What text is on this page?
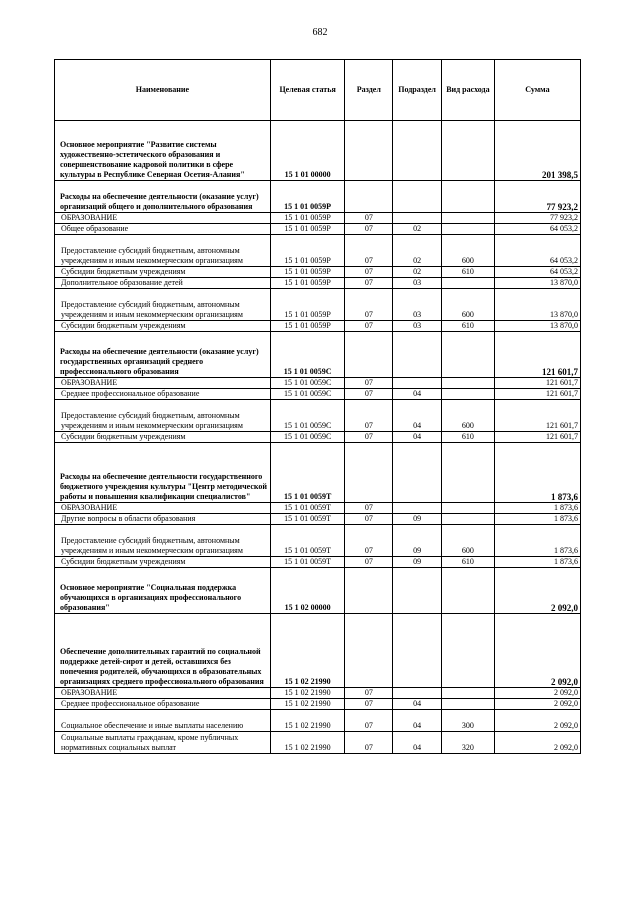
682
Наименование	Целевая статья	Раздел	Подраздел	Вид расхода	Сумма
Основное мероприятие "Развитие системы художественно-эстетического образования и совершенствование кадровой политики в сфере культуры в Республике Северная Осетия-Алания"	15 1 01 00000				201 398,5
Расходы на обеспечение деятельности (оказание услуг) организаций общего и дополнительного образования	15 1 01 0059Р				77 923,2
ОБРАЗОВАНИЕ	15 1 01 0059Р	07			77 923,2
Общее образование	15 1 01 0059Р	07	02		64 053,2
Предоставление субсидий бюджетным, автономным учреждениям и иным некоммерческим организациям	15 1 01 0059Р	07	02	600	64 053,2
Субсидии бюджетным учреждениям	15 1 01 0059Р	07	02	610	64 053,2
Дополнительное образование детей	15 1 01 0059Р	07	03		13 870,0
Предоставление субсидий бюджетным, автономным учреждениям и иным некоммерческим организациям	15 1 01 0059Р	07	03	600	13 870,0
Субсидии бюджетным учреждениям	15 1 01 0059Р	07	03	610	13 870,0
Расходы на обеспечение деятельности (оказание услуг) государственных организаций среднего профессионального образования	15 1 01 0059С				121 601,7
ОБРАЗОВАНИЕ	15 1 01 0059С	07			121 601,7
Среднее профессиональное образование	15 1 01 0059С	07	04		121 601,7
Предоставление субсидий бюджетным, автономным учреждениям и иным некоммерческим организациям	15 1 01 0059С	07	04	600	121 601,7
Субсидии бюджетным учреждениям	15 1 01 0059С	07	04	610	121 601,7
Расходы на обеспечение деятельности государственного бюджетного учреждения культуры "Центр методической работы и повышения квалификации специалистов"	15 1 01 0059Т				1 873,6
ОБРАЗОВАНИЕ	15 1 01 0059Т	07			1 873,6
Другие вопросы в области образования	15 1 01 0059Т	07	09		1 873,6
Предоставление субсидий бюджетным, автономным учреждениям и иным некоммерческим организациям	15 1 01 0059Т	07	09	600	1 873,6
Субсидии бюджетным учреждениям	15 1 01 0059Т	07	09	610	1 873,6
Основное мероприятие "Социальная поддержка обучающихся в организациях профессионального образования"	15 1 02 00000				2 092,0
Обеспечение дополнительных гарантий по социальной поддержке детей-сирот и детей, оставшихся без попечения родителей, обучающихся в образовательных организациях среднего профессионального образования	15 1 02 21990				2 092,0
ОБРАЗОВАНИЕ	15 1 02 21990	07			2 092,0
Среднее профессиональное образование	15 1 02 21990	07	04		2 092,0
Социальное обеспечение и иные выплаты населению	15 1 02 21990	07	04	300	2 092,0
Социальные выплаты гражданам, кроме публичных нормативных социальных выплат	15 1 02 21990	07	04	320	2 092,0
